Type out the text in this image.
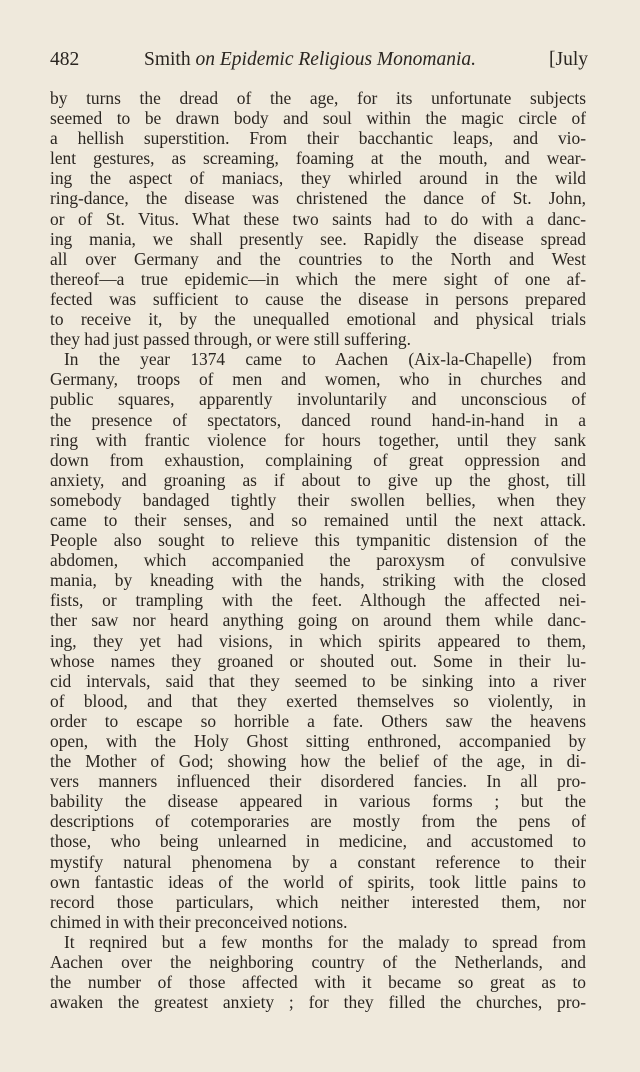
482	Smith on Epidemic Religious Monomania.	[July
by turns the dread of the age, for its unfortunate subjects
seemed to be drawn body and soul within the magic circle of
a hellish superstition. From their bacchantic leaps, and vio-
lent gestures, as screaming, foaming at the mouth, and wear-
ing the aspect of maniacs, they whirled around in the wild
ring-dance, the disease was christened the dance of St. John,
or of St. Vitus. What these two saints had to do with a danc-
ing mania, we shall presently see. Rapidly the disease spread
all over Germany and the countries to the North and West
thereof—a true epidemic—in which the mere sight of one af-
fected was sufficient to cause the disease in persons prepared
to receive it, by the unequalled emotional and physical trials
they had just passed through, or were still suffering.
In the year 1374 came to Aachen (Aix-la-Chapelle) from
Germany, troops of men and women, who in churches and
public squares, apparently involuntarily and unconscious of
the presence of spectators, danced round hand-in-hand in a
ring with frantic violence for hours together, until they sank
down from exhaustion, complaining of great oppression and
anxiety, and groaning as if about to give up the ghost, till
somebody bandaged tightly their swollen bellies, when they
came to their senses, and so remained until the next attack.
People also sought to relieve this tympanitic distension of the
abdomen, which accompanied the paroxysm of convulsive
mania, by kneading with the hands, striking with the closed
fists, or trampling with the feet. Although the affected nei-
ther saw nor heard anything going on around them while danc-
ing, they yet had visions, in which spirits appeared to them,
whose names they groaned or shouted out. Some in their lu-
cid intervals, said that they seemed to be sinking into a river
of blood, and that they exerted themselves so violently, in
order to escape so horrible a fate. Others saw the heavens
open, with the Holy Ghost sitting enthroned, accompanied by
the Mother of God; showing how the belief of the age, in di-
vers manners influenced their disordered fancies. In all pro-
bability the disease appeared in various forms ; but the
descriptions of cotemporaries are mostly from the pens of
those, who being unlearned in medicine, and accustomed to
mystify natural phenomena by a constant reference to their
own fantastic ideas of the world of spirits, took little pains to
record those particulars, which neither interested them, nor
chimed in with their preconceived notions.
It reqnired but a few months for the malady to spread from
Aachen over the neighboring country of the Netherlands, and
the number of those affected with it became so great as to
awaken the greatest anxiety ; for they filled the churches, pro-
